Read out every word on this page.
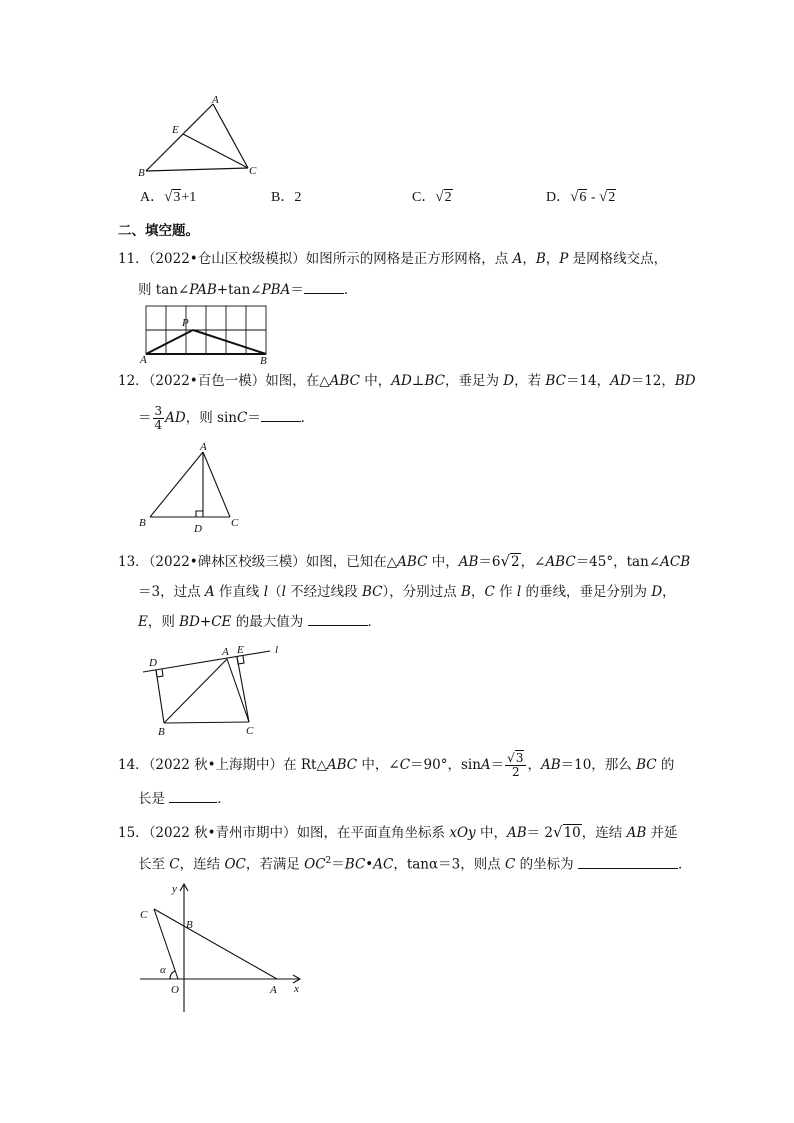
A
E
B	C
A．√3+1	B．2	C．√2	D．√6 - √2
二、填空题。
11．（2022•仓山区校级模拟）如图所示的网格是正方形网格，点 A，B，P 是网格线交点，
则 tan∠PAB+tan∠PBA＝	．
P
A	B
12．（2022•百色一模）如图，在△ABC 中，AD⊥BC，垂足为 D，若 BC＝14，AD＝12，BD
＝ $\frac{3}{4}$ AD，则 sinC＝	．
A
B	D	C
13．（2022•碑林区校级三模）如图，已知在△ABC 中，AB＝6√2，∠ABC＝45°，tan∠ACB
＝3，过点 A 作直线 l（l 不经过线段 BC），分别过点 B，C 作 l 的垂线，垂足分别为 D，
E，则 BD+CE 的最大值为	．
D
A E	l
B	C
14．（2022 秋•上海期中）在 Rt△ABC 中，∠C＝90°，$\sin A= \frac{√3}{2}$ ，AB＝10，那么 BC 的
长是	．
15．（2022 秋•青州市期中）如图，在平面直角坐标系 xOy 中，AB＝ 2√10，连结 AB 并延
长至 C，连结 OC，若满足 $OC^2=BC•AC$，tanα＝3，则点 C 的坐标为	．
y
C
B
α
O	A x
